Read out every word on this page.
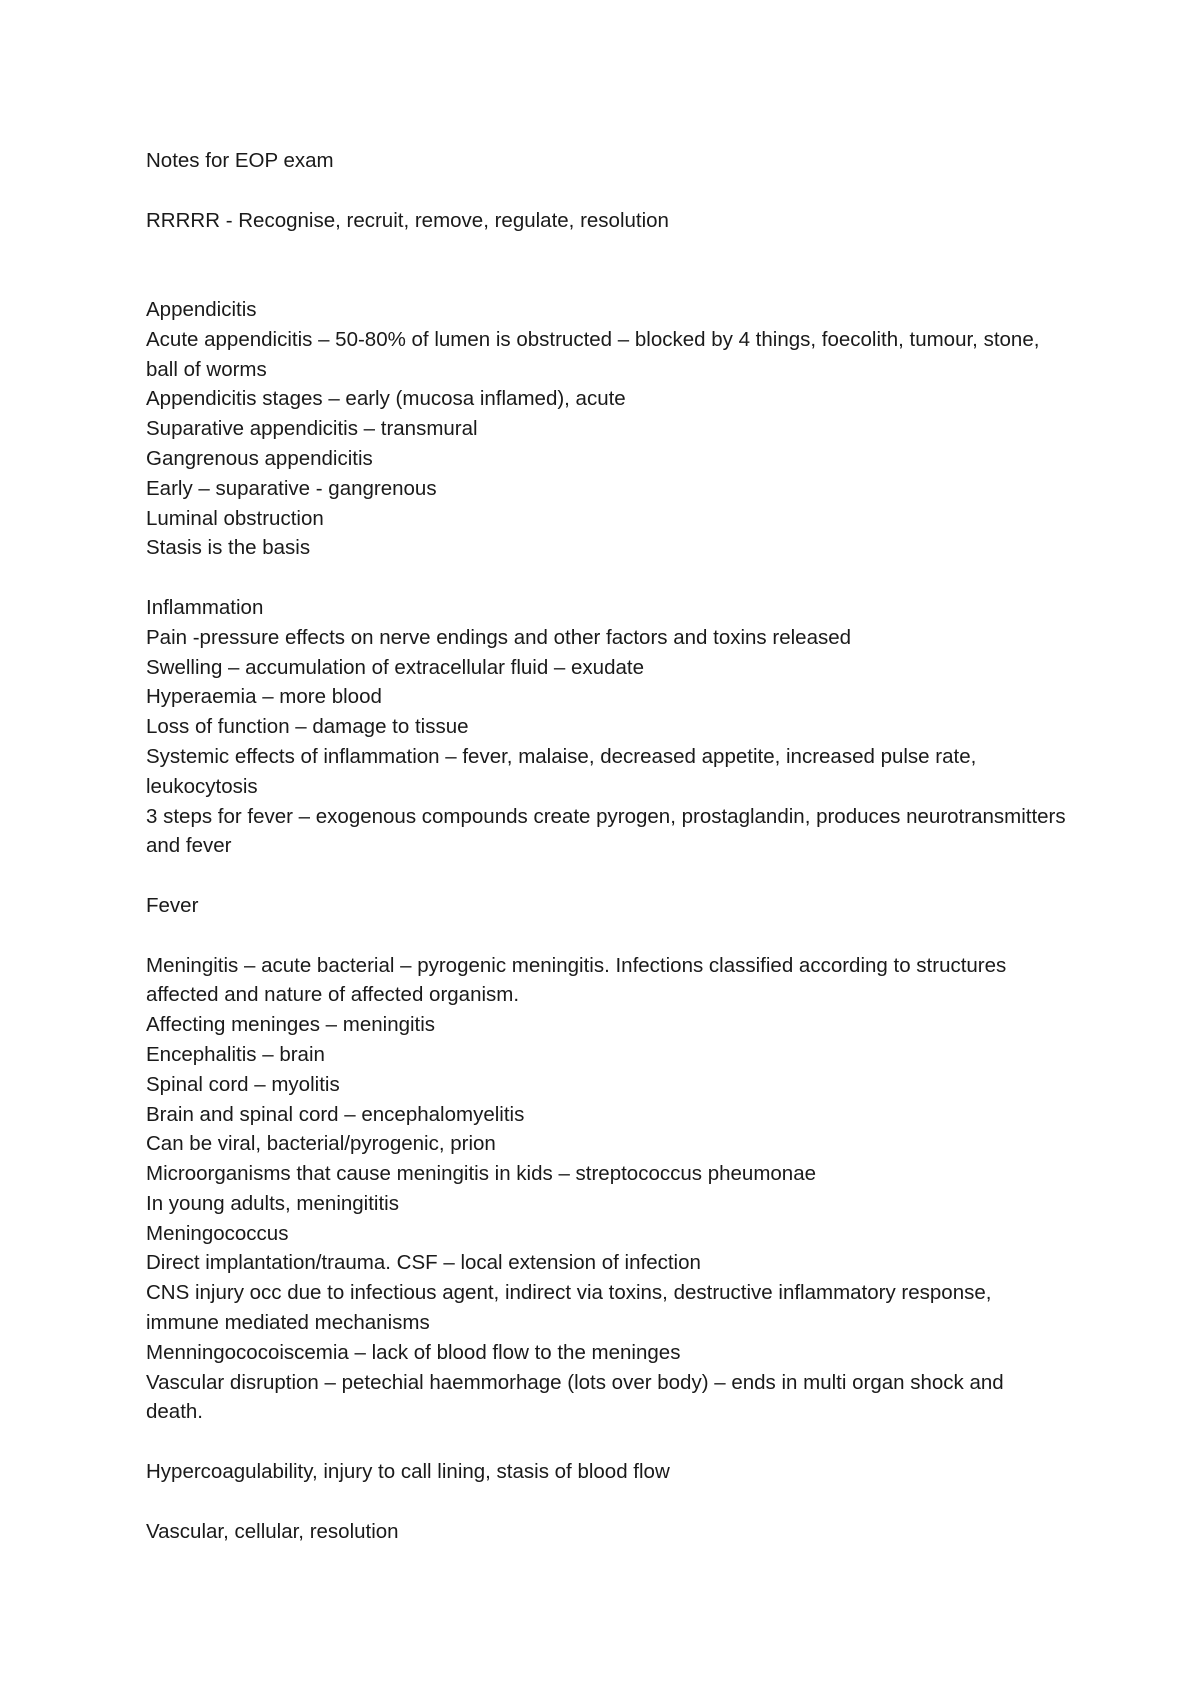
Notes for EOP exam

RRRRR - Recognise, recruit, remove, regulate, resolution

Appendicitis

Acute appendicitis – 50-80% of lumen is obstructed – blocked by 4 things, foecolith, tumour, stone, ball of worms

Appendicitis stages – early (mucosa inflamed), acute

Suparative appendicitis – transmural

Gangrenous appendicitis

Early – suparative - gangrenous

Luminal obstruction

Stasis is the basis

Inflammation

Pain -pressure effects on nerve endings and other factors and toxins released

Swelling – accumulation of extracellular fluid – exudate

Hyperaemia – more blood

Loss of function – damage to tissue

Systemic effects of inflammation – fever, malaise, decreased appetite, increased pulse rate, leukocytosis

3 steps for fever – exogenous compounds create pyrogen, prostaglandin, produces neurotransmitters and fever

Fever

Meningitis – acute bacterial – pyrogenic meningitis. Infections classified according to structures affected and nature of affected organism.

Affecting meninges – meningitis

Encephalitis – brain

Spinal cord – myolitis

Brain and spinal cord – encephalomyelitis

Can be viral, bacterial/pyrogenic, prion

Microorganisms that cause meningitis in kids – streptococcus pheumonae

In young adults, meningititis

Meningococcus

Direct implantation/trauma. CSF – local extension of infection

CNS injury occ due to infectious agent, indirect via toxins, destructive inflammatory response, immune mediated mechanisms

Menningococoiscemia – lack of blood flow to the meninges

Vascular disruption – petechial haemmorhage (lots over body) – ends in multi organ shock and death.

Hypercoagulability, injury to call lining, stasis of blood flow

Vascular, cellular, resolution
